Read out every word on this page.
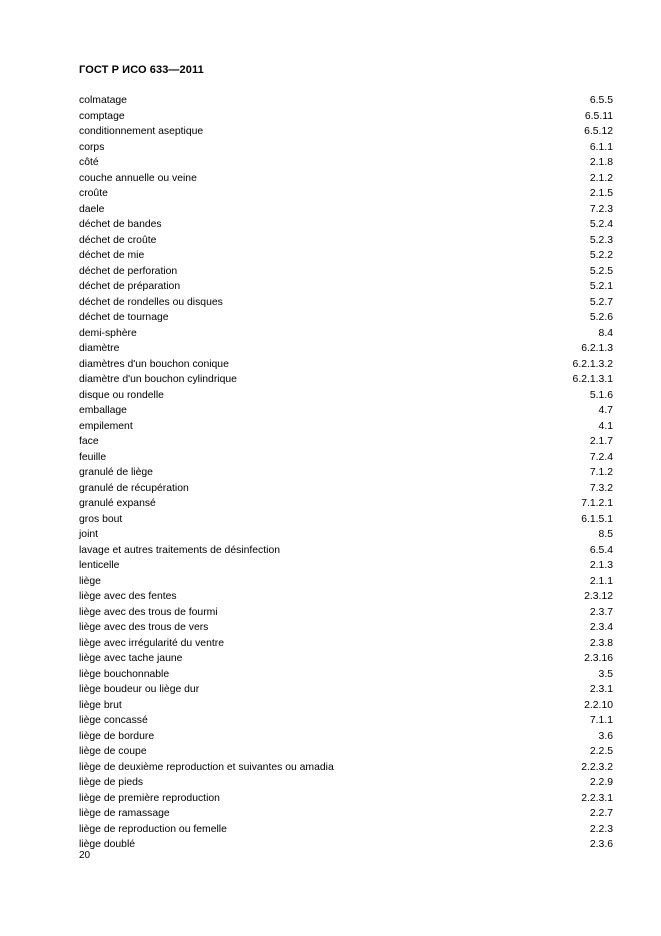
ГОСТ Р ИСО 633—2011
colmatage	6.5.5
comptage	6.5.11
conditionnement aseptique	6.5.12
corps	6.1.1
côté	2.1.8
couche annuelle ou veine	2.1.2
croûte	2.1.5
daele	7.2.3
déchet de bandes	5.2.4
déchet de croûte	5.2.3
déchet de mie	5.2.2
déchet de perforation	5.2.5
déchet de préparation	5.2.1
déchet de rondelles ou disques	5.2.7
déchet de tournage	5.2.6
demi-sphère	8.4
diamètre	6.2.1.3
diamètres d'un bouchon conique	6.2.1.3.2
diamètre d'un bouchon cylindrique	6.2.1.3.1
disque ou rondelle	5.1.6
emballage	4.7
empilement	4.1
face	2.1.7
feuille	7.2.4
granulé de liège	7.1.2
granulé de récupération	7.3.2
granulé expansé	7.1.2.1
gros bout	6.1.5.1
joint	8.5
lavage et autres traitements de désinfection	6.5.4
lenticelle	2.1.3
liège	2.1.1
liège avec des fentes	2.3.12
liège avec des trous de fourmi	2.3.7
liège avec des trous de vers	2.3.4
liège avec irrégularité du ventre	2.3.8
liège avec tache jaune	2.3.16
liège bouchonnable	3.5
liège boudeur ou liège dur	2.3.1
liège brut	2.2.10
liège concassé	7.1.1
liège de bordure	3.6
liège de coupe	2.2.5
liège de deuxième reproduction et suivantes ou amadia	2.2.3.2
liège de pieds	2.2.9
liège de première reproduction	2.2.3.1
liège de ramassage	2.2.7
liège de reproduction ou femelle	2.2.3
liège doublé	2.3.6
20
